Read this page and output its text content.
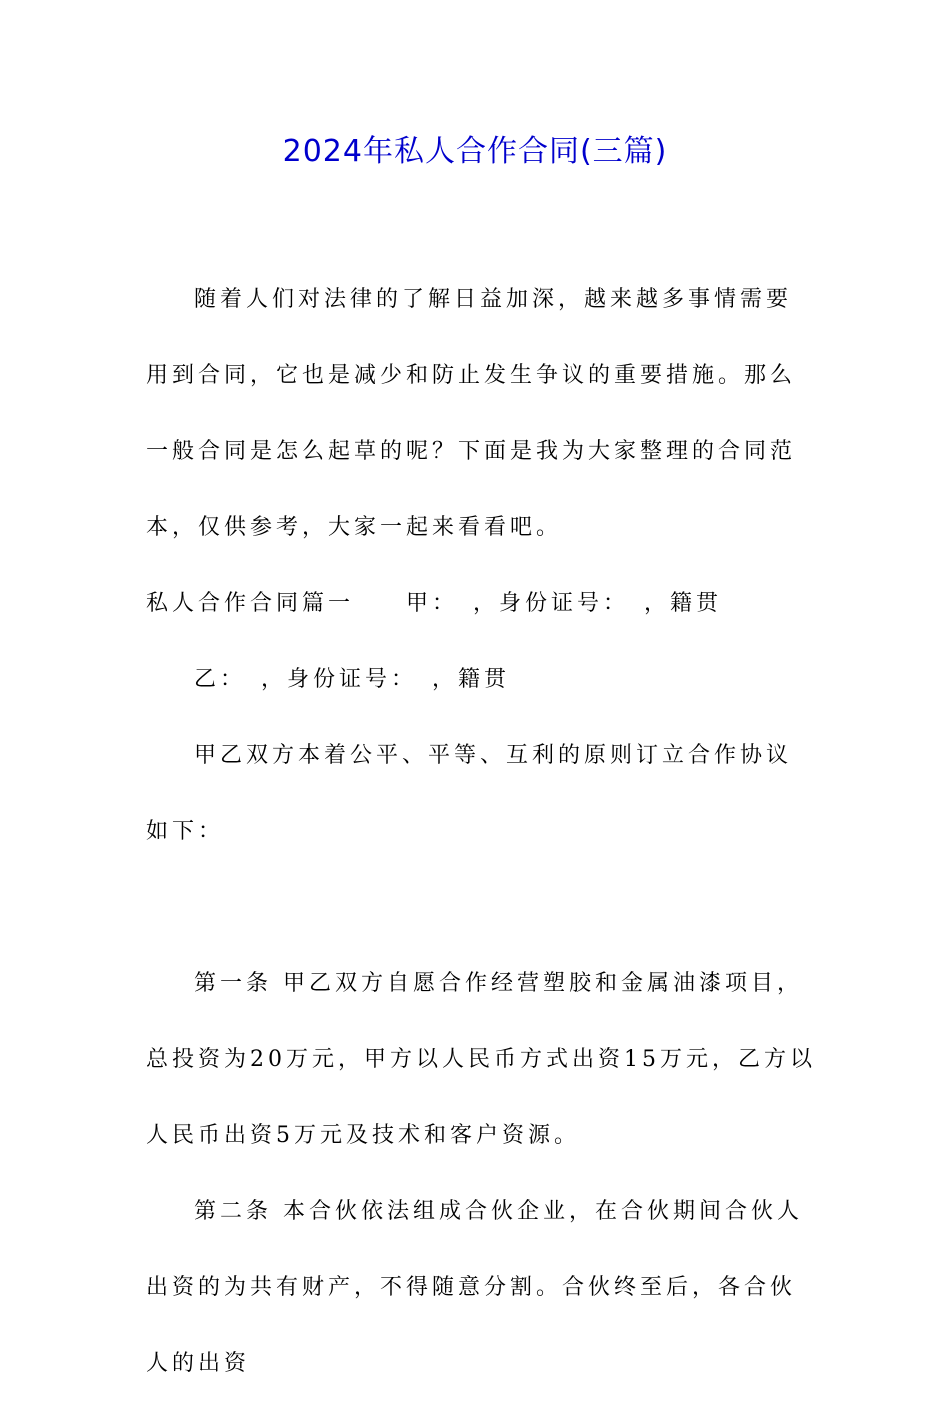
2024年私人合作合同(三篇)

随着人们对法律的了解日益加深，越来越多事情需要用到合同，它也是减少和防止发生争议的重要措施。那么一般合同是怎么起草的呢？下面是我为大家整理的合同范本，仅供参考，大家一起来看看吧。

私人合作合同篇一　　 甲：　，身份证号：　，籍贯

乙：　，身份证号：　，籍贯

甲乙双方本着公平、平等、互利的原则订立合作协议如下：

第一条 甲乙双方自愿合作经营塑胶和金属油漆项目，总投资为20万元，甲方以人民币方式出资15万元，乙方以人民币出资5万元及技术和客户资源。

第二条 本合伙依法组成合伙企业，在合伙期间合伙人出资的为共有财产，不得随意分割。合伙终至后，各合伙人的出资
